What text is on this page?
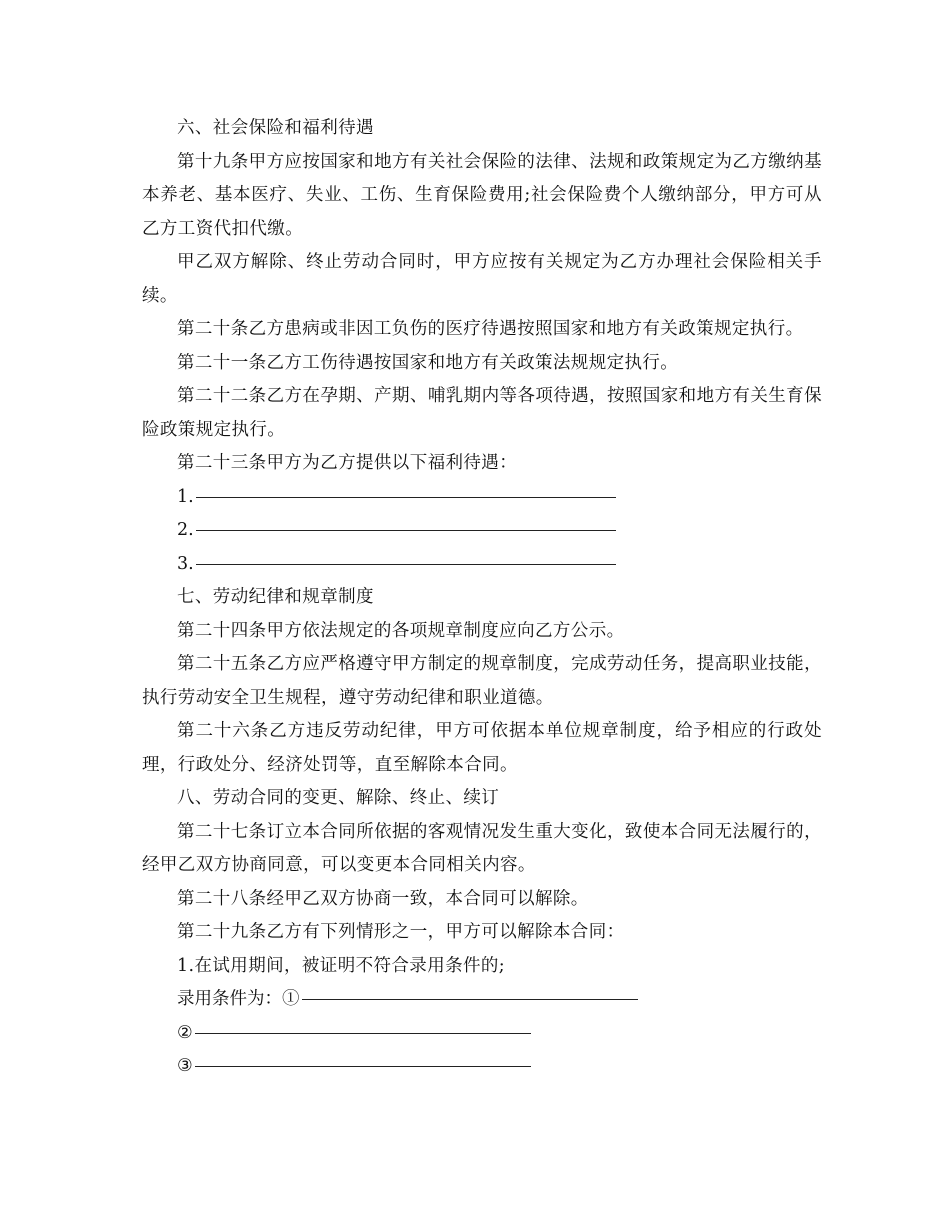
六、社会保险和福利待遇

第十九条甲方应按国家和地方有关社会保险的法律、法规和政策规定为乙方缴纳基本养老、基本医疗、失业、工伤、生育保险费用;社会保险费个人缴纳部分，甲方可从乙方工资代扣代缴。

甲乙双方解除、终止劳动合同时，甲方应按有关规定为乙方办理社会保险相关手续。

第二十条乙方患病或非因工负伤的医疗待遇按照国家和地方有关政策规定执行。

第二十一条乙方工伤待遇按国家和地方有关政策法规规定执行。

第二十二条乙方在孕期、产期、哺乳期内等各项待遇，按照国家和地方有关生育保险政策规定执行。

第二十三条甲方为乙方提供以下福利待遇：

1.
2.
3.

七、劳动纪律和规章制度

第二十四条甲方依法规定的各项规章制度应向乙方公示。

第二十五条乙方应严格遵守甲方制定的规章制度，完成劳动任务，提高职业技能，执行劳动安全卫生规程，遵守劳动纪律和职业道德。

第二十六条乙方违反劳动纪律，甲方可依据本单位规章制度，给予相应的行政处理，行政处分、经济处罚等，直至解除本合同。

八、劳动合同的变更、解除、终止、续订

第二十七条订立本合同所依据的客观情况发生重大变化，致使本合同无法履行的，经甲乙双方协商同意，可以变更本合同相关内容。

第二十八条经甲乙双方协商一致，本合同可以解除。

第二十九条乙方有下列情形之一，甲方可以解除本合同：

1.在试用期间，被证明不符合录用条件的;

录用条件为：①
②
③
